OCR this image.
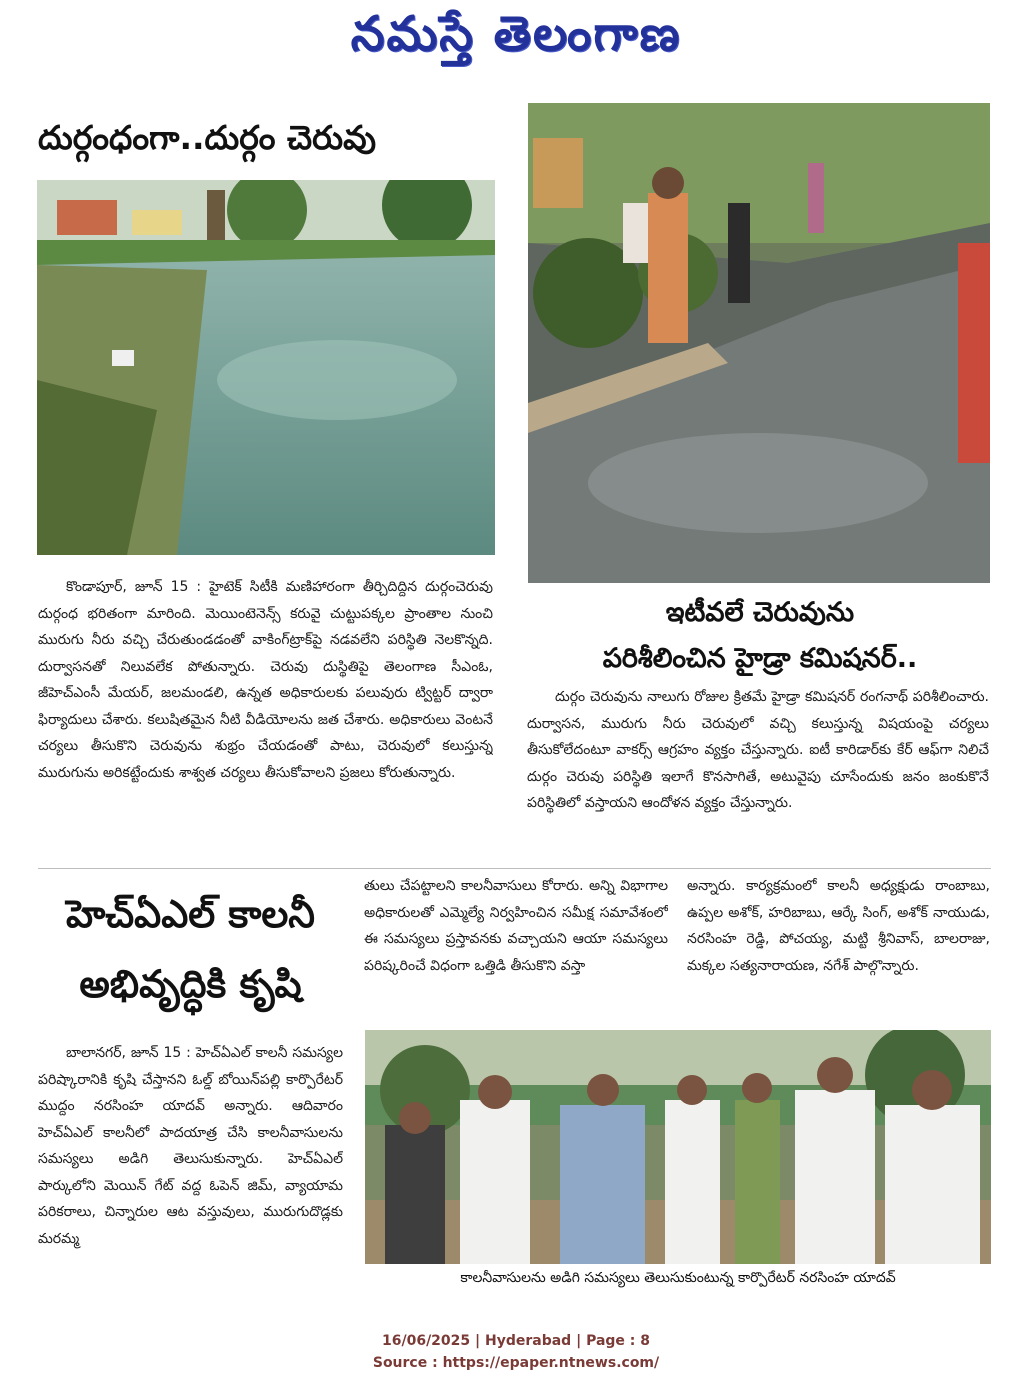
నమస్తే తెలంగాణ
దుర్గంధంగా..దుర్గం చెరువు
కొండాపూర్‌, జూన్‌ 15 : హైటెక్‌ సిటీకి మణిహారంగా తీర్చిదిద్దిన దుర్గంచెరువు దుర్గంధ భరితంగా మారింది. మెయింటెనెన్స్‌ కరువై చుట్టుపక్కల ప్రాంతాల నుంచి మురుగు నీరు వచ్చి చేరుతుండడంతో వాకింగ్‌ట్రాక్‌పై నడవలేని పరిస్థితి నెలకొన్నది. దుర్వాసనతో నిలువలేక పోతున్నారు. చెరువు దుస్థితిపై తెలంగాణ సీఎంఓ, జీహెచ్‌ఎంసీ మేయర్‌, జలమండలి, ఉన్నత అధికారులకు పలువురు ట్విట్టర్‌ ద్వారా ఫిర్యాదులు చేశారు. కలుషితమైన నీటి వీడియోలను జత చేశారు. అధికారులు వెంటనే చర్యలు తీసుకొని చెరువును శుభ్రం చేయడంతో పాటు, చెరువులో కలుస్తున్న మురుగును అరికట్టేందుకు శాశ్వత చర్యలు తీసుకోవాలని ప్రజలు కోరుతున్నారు.
ఇటీవలే చెరువును
పరిశీలించిన హైడ్రా కమిషనర్‌..
దుర్గం చెరువును నాలుగు రోజుల క్రితమే హైడ్రా కమిషనర్‌ రంగనాథ్‌ పరిశీలించారు. దుర్వాసన, మురుగు నీరు చెరువులో వచ్చి కలుస్తున్న విషయంపై చర్యలు తీసుకోలేదంటూ వాకర్స్‌ ఆగ్రహం వ్యక్తం చేస్తున్నారు. ఐటీ కారిడార్‌కు కేర్‌ ఆఫ్‌గా నిలిచే దుర్గం చెరువు పరిస్థితి ఇలాగే కొనసాగితే, అటువైపు చూసేందుకు జనం జంకుకొనే పరిస్థితిలో వస్తాయని ఆందోళన వ్యక్తం చేస్తున్నారు.
హెచ్‌ఏఎల్‌ కాలనీ
అభివృద్ధికి కృషి
బాలానగర్‌, జూన్‌ 15 : హెచ్‌ఏఎల్‌ కాలనీ సమస్యల పరిష్కారానికి కృషి చేస్తానని ఓల్డ్‌ బోయిన్‌పల్లి కార్పొరేటర్‌ ముద్దం నరసింహ యాదవ్‌ అన్నారు. ఆదివారం హెచ్‌ఏఎల్‌ కాలనీలో పాదయాత్ర చేసి కాలనీవాసులను సమస్యలు అడిగి తెలుసుకున్నారు. హెచ్‌ఏఎల్‌ పార్కులోని మెయిన్‌ గేట్‌ వద్ద ఓపెన్‌ జిమ్‌, వ్యాయామ పరికరాలు, చిన్నారుల ఆట వస్తువులు, మురుగుదొడ్లకు మరమ్మ
తులు చేపట్టాలని కాలనీవాసులు కోరారు. అన్ని విభాగాల అధికారులతో ఎమ్మెల్యే నిర్వహించిన సమీక్ష సమావేశంలో ఈ సమస్యలు ప్రస్తావనకు వచ్చాయని ఆయా సమస్యలు పరిష్కరించే విధంగా ఒత్తిడి తీసుకొని వస్తా
అన్నారు. కార్యక్రమంలో కాలనీ అధ్యక్షుడు రాంబాబు, ఉప్పల అశోక్‌, హరిబాబు, ఆర్కే సింగ్‌, అశోక్‌ నాయుడు, నరసింహ రెడ్డి, పోచయ్య, మట్టి శ్రీనివాస్‌, బాలరాజు, మక్కల సత్యనారాయణ, నగేశ్‌ పాల్గొన్నారు.
కాలనీవాసులను అడిగి సమస్యలు తెలుసుకుంటున్న కార్పొరేటర్‌ నరసింహ యాదవ్‌
16/06/2025 | Hyderabad | Page : 8
Source : https://epaper.ntnews.com/
